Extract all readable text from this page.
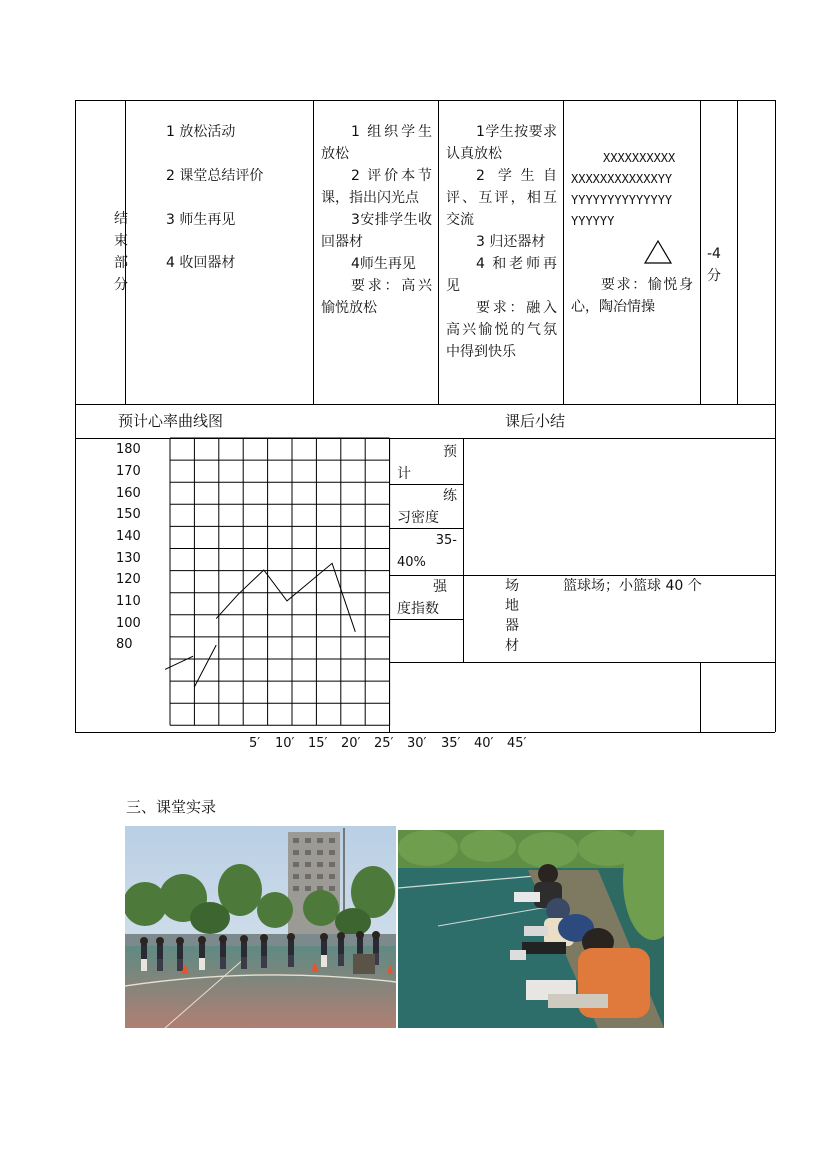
结
束
部
分
1 放松活动
2 课堂总结评价
3 师生再见
4 收回器材
1 组织学生放松
2 评价本节课，指出闪光点
3安排学生收回器材
4师生再见
要求：高兴愉悦放松
1学生按要求认真放松
2 学生自评、互评，相互交流
3 归还器材
4 和老师再见
要求：融入高兴愉悦的气氛中得到快乐
XXXXXXXXXX
XXXXXXXXXXXXYY
YYYYYYYYYYYYYY
YYYYYY
要求：愉悦身心，陶冶情操
-4分
预计心率曲线图	课后小结
180
170
160
150
140
130
120
110
100
80
5′ 10′ 15′ 20′ 25′ 30′ 35′ 40′ 45′
预
计
练
习密度
35-
40%
强
度指数
场
地
器
材
篮球场；小篮球 40 个
三、课堂实录
